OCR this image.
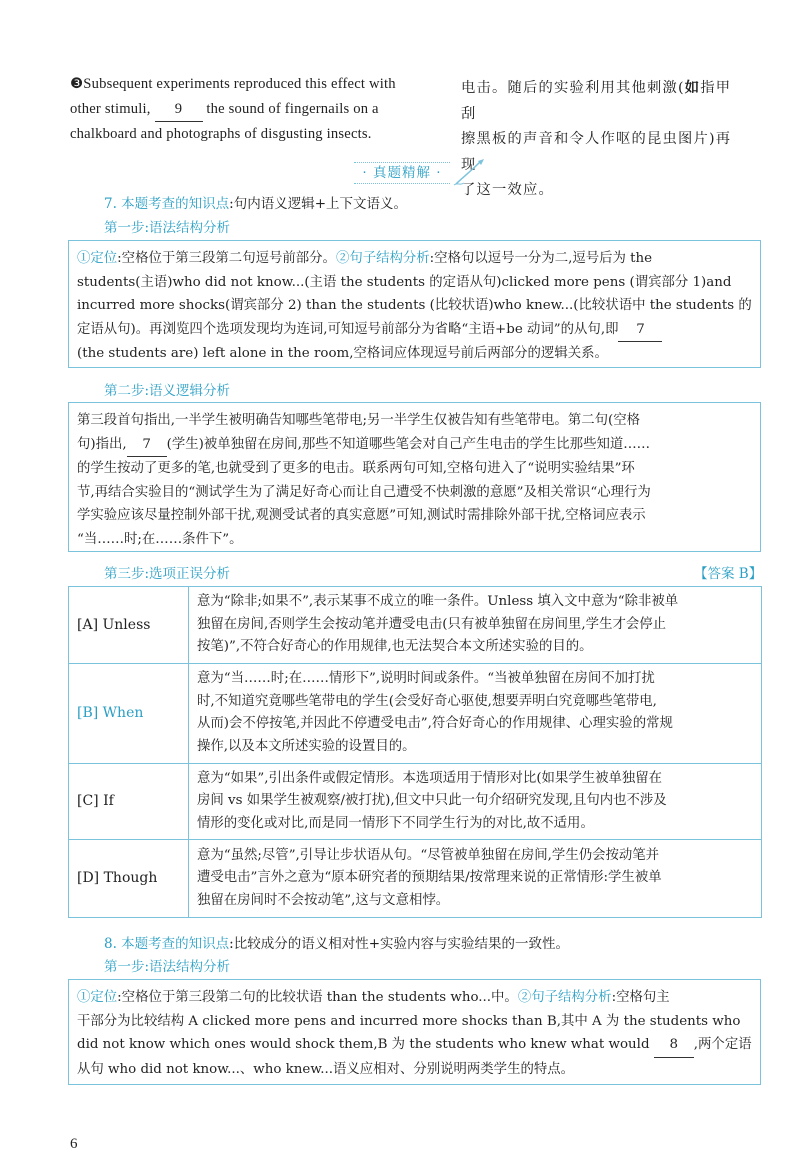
❸Subsequent experiments reproduced this effect with
other stimuli, 9 the sound of fingernails on a
chalkboard and photographs of disgusting insects.
电击。随后的实验利用其他刺激(如指甲刮
擦黑板的声音和令人作呕的昆虫图片)再现
了这一效应。
· 真题精解 ·
7. 本题考查的知识点:句内语义逻辑+上下文语义。
第一步:语法结构分析
①定位:空格位于第三段第二句逗号前部分。②句子结构分析:空格句以逗号一分为二,逗号后为 the
students(主语)who did not know...(主语 the students 的定语从句)clicked more pens (谓宾部分 1)and
incurred more shocks(谓宾部分 2) than the students (比较状语)who knew...(比较状语中 the students 的
定语从句)。再浏览四个选项发现均为连词,可知逗号前部分为省略“主语+be 动词”的从句,即 7
(the students are) left alone in the room,空格词应体现逗号前后两部分的逻辑关系。
第二步:语义逻辑分析
第三段首句指出,一半学生被明确告知哪些笔带电;另一半学生仅被告知有些笔带电。第二句(空格
句)指出, 7 (学生)被单独留在房间,那些不知道哪些笔会对自己产生电击的学生比那些知道……
的学生按动了更多的笔,也就受到了更多的电击。联系两句可知,空格句进入了“说明实验结果”环
节,再结合实验目的“测试学生为了满足好奇心而让自己遭受不快刺激的意愿”及相关常识“心理行为
学实验应该尽量控制外部干扰,观测受试者的真实意愿”可知,测试时需排除外部干扰,空格词应表示
“当……时;在……条件下”。
第三步:选项正误分析	【答案 B】
[A] Unless	意为“除非;如果不”,表示某事不成立的唯一条件。Unless 填入文中意为“除非被单
独留在房间,否则学生会按动笔并遭受电击(只有被单独留在房间里,学生才会停止
按笔)”,不符合好奇心的作用规律,也无法契合本文所述实验的目的。

[B] When	意为“当……时;在……情形下”,说明时间或条件。“当被单独留在房间不加打扰
时,不知道究竟哪些笔带电的学生(会受好奇心驱使,想要弄明白究竟哪些笔带电,
从而)会不停按笔,并因此不停遭受电击”,符合好奇心的作用规律、心理实验的常规
操作,以及本文所述实验的设置目的。

[C] If	意为“如果”,引出条件或假定情形。本选项适用于情形对比(如果学生被单独留在
房间 vs 如果学生被观察/被打扰),但文中只此一句介绍研究发现,且句内也不涉及
情形的变化或对比,而是同一情形下不同学生行为的对比,故不适用。

[D] Though	意为“虽然;尽管”,引导让步状语从句。“尽管被单独留在房间,学生仍会按动笔并
遭受电击”言外之意为“原本研究者的预期结果/按常理来说的正常情形:学生被单
独留在房间时不会按动笔”,这与文意相悖。
8. 本题考查的知识点:比较成分的语义相对性+实验内容与实验结果的一致性。
第一步:语法结构分析
①定位:空格位于第三段第二句的比较状语 than the students who...中。②句子结构分析:空格句主
干部分为比较结构 A clicked more pens and incurred more shocks than B,其中 A 为 the students who
did not know which ones would shock them,B 为 the students who knew what would 8 ,两个定语
从句 who did not know...、who knew...语义应相对、分别说明两类学生的特点。
6
